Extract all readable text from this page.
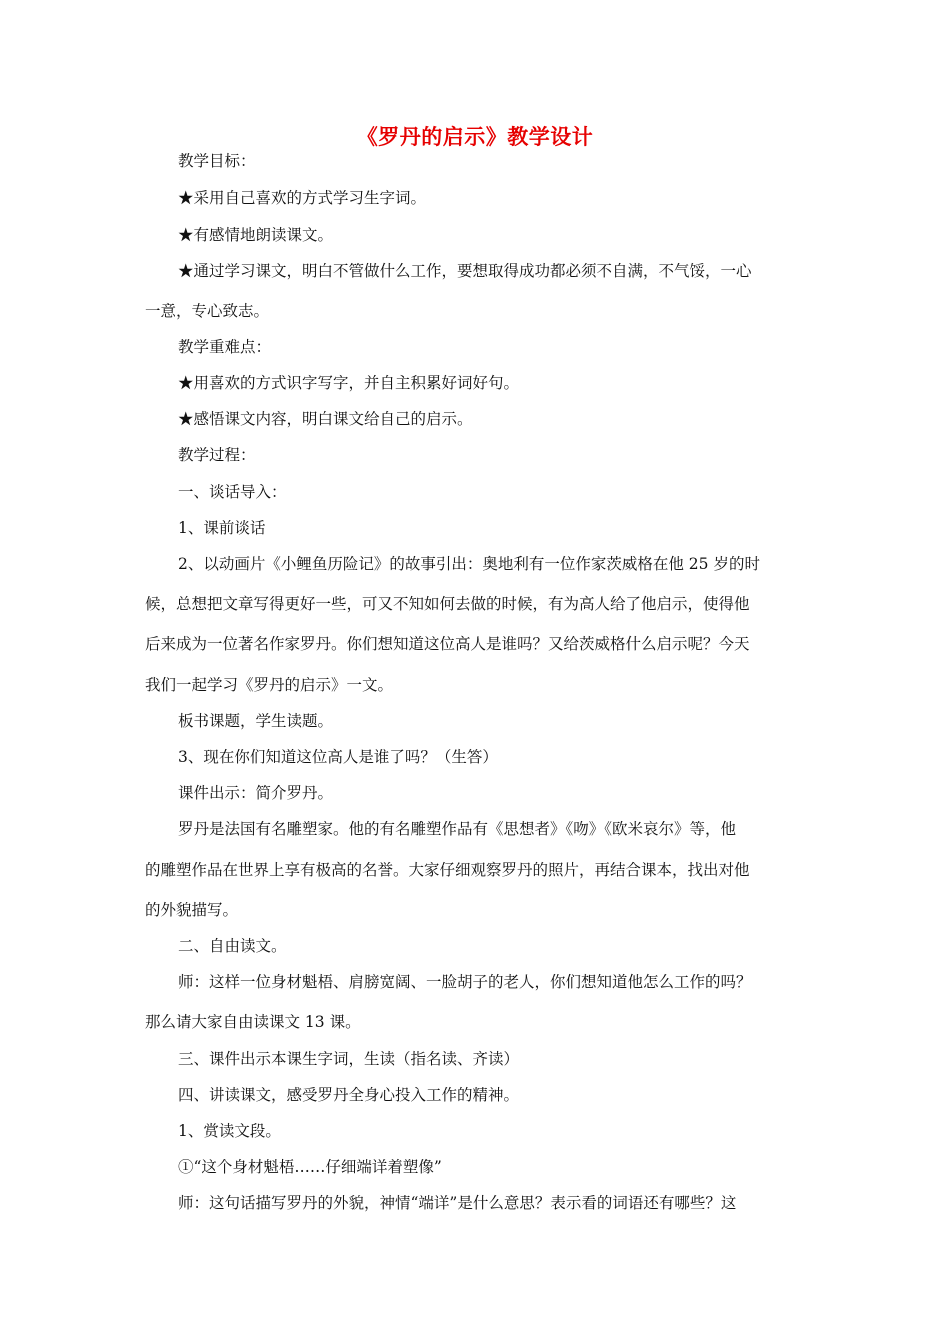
《罗丹的启示》教学设计
教学目标：
★采用自己喜欢的方式学习生字词。
★有感情地朗读课文。
★通过学习课文，明白不管做什么工作，要想取得成功都必须不自满，不气馁，一心
一意，专心致志。
教学重难点：
★用喜欢的方式识字写字，并自主积累好词好句。
★感悟课文内容，明白课文给自己的启示。
教学过程：
一、谈话导入：
1、课前谈话
2、以动画片《小鲤鱼历险记》的故事引出：奥地利有一位作家茨威格在他 25 岁的时
候，总想把文章写得更好一些，可又不知如何去做的时候，有为高人给了他启示，使得他
后来成为一位著名作家罗丹。你们想知道这位高人是谁吗？又给茨威格什么启示呢？今天
我们一起学习《罗丹的启示》一文。
板书课题，学生读题。
3、现在你们知道这位高人是谁了吗？（生答）
课件出示：简介罗丹。
罗丹是法国有名雕塑家。他的有名雕塑作品有《思想者》《吻》《欧米哀尔》等，他
的雕塑作品在世界上享有极高的名誉。大家仔细观察罗丹的照片，再结合课本，找出对他
的外貌描写。
二、自由读文。
师：这样一位身材魁梧、肩膀宽阔、一脸胡子的老人，你们想知道他怎么工作的吗？
那么请大家自由读课文 13 课。
三、课件出示本课生字词，生读（指名读、齐读）
四、讲读课文，感受罗丹全身心投入工作的精神。
1、赏读文段。
①“这个身材魁梧……仔细端详着塑像”
师：这句话描写罗丹的外貌，神情“端详”是什么意思？表示看的词语还有哪些？这
